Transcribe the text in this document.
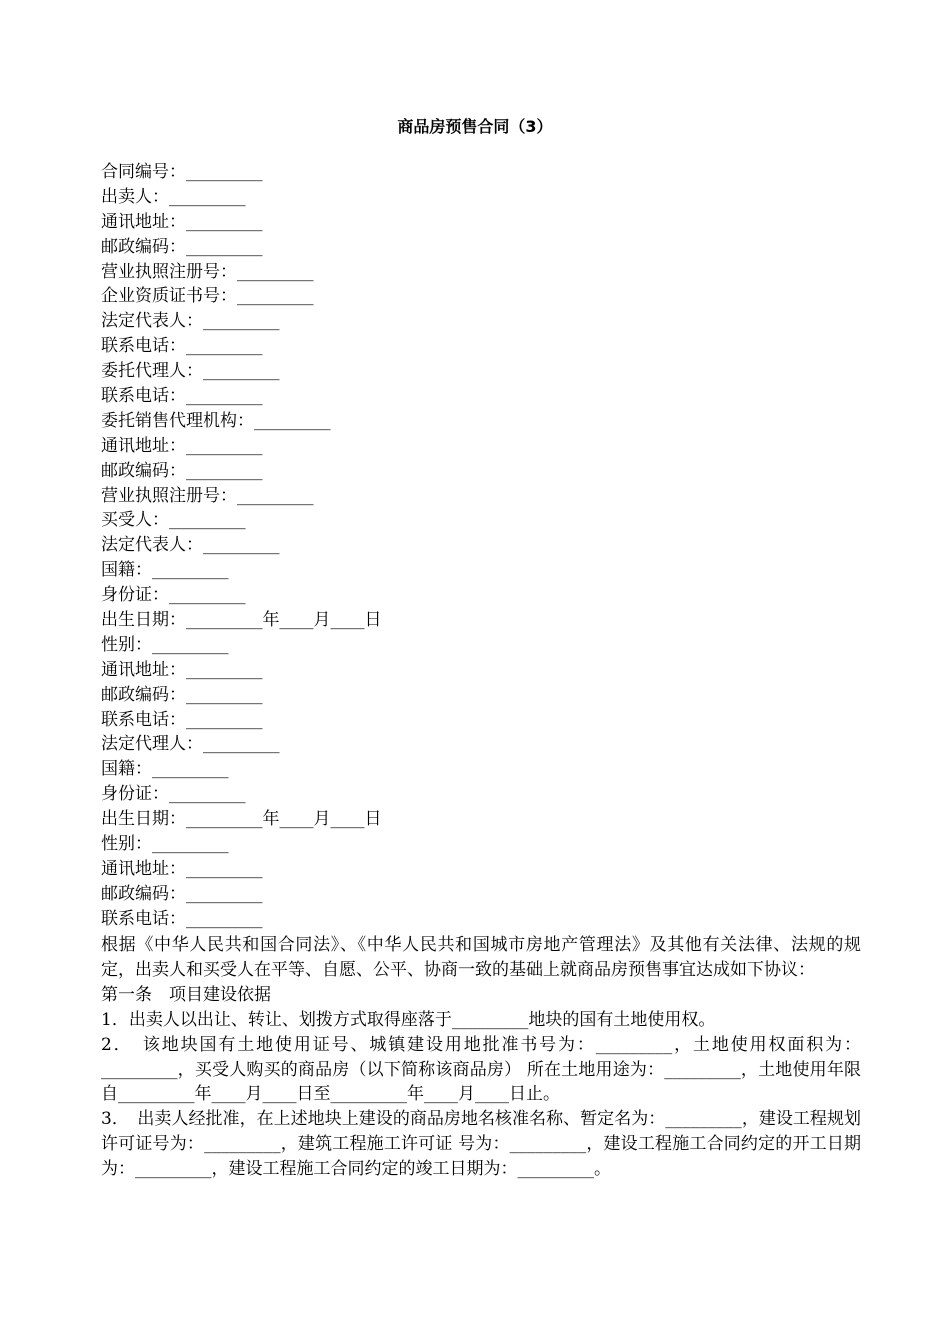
商品房预售合同（3）
合同编号：_________
出卖人：_________
通讯地址：_________
邮政编码：_________
营业执照注册号：_________
企业资质证书号：_________
法定代表人：_________
联系电话：_________
委托代理人：_________
联系电话：_________
委托销售代理机构：_________
通讯地址：_________
邮政编码：_________
营业执照注册号：_________
买受人：_________
法定代表人：_________
国籍：_________
身份证：_________
出生日期：_________年____月____日
性别：_________
通讯地址：_________
邮政编码：_________
联系电话：_________
法定代理人：_________
国籍：_________
身份证：_________
出生日期：_________年____月____日
性别：_________
通讯地址：_________
邮政编码：_________
联系电话：_________

根据《中华人民共和国合同法》、《中华人民共和国城市房地产管理法》及其他有关法律、法规的规定，出卖人和买受人在平等、自愿、公平、协商一致的基础上就商品房预售事宜达成如下协议：

第一条　项目建设依据

1．出卖人以出让、转让、划拨方式取得座落于_________地块的国有土地使用权。

2．　该地块国有土地使用证号、城镇建设用地批准书号为：_________，土地使用权面积为：_________，买受人购买的商品房（以下简称该商品房） 所在土地用途为：_________，土地使用年限自_________年____月____日至_________年____月____日止。

3．　出卖人经批准，在上述地块上建设的商品房地名核准名称、暂定名为：_________，建设工程规划许可证号为：_________，建筑工程施工许可证 号为：_________，建设工程施工合同约定的开工日期为：_________，建设工程施工合同约定的竣工日期为：_________。
